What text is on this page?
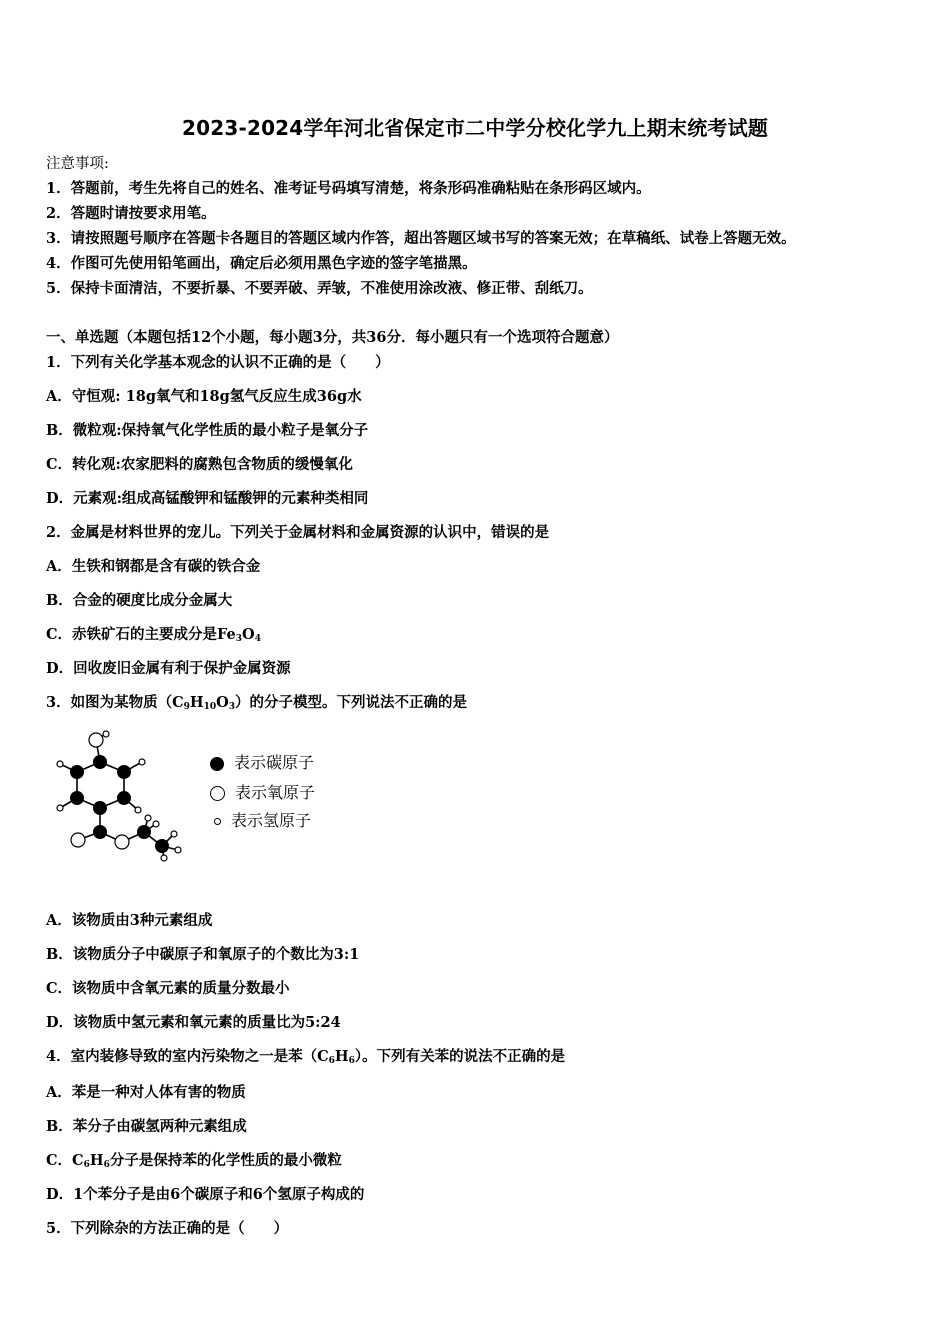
2023-2024学年河北省保定市二中学分校化学九上期末统考试题
注意事项:
1．答题前，考生先将自己的姓名、准考证号码填写清楚，将条形码准确粘贴在条形码区域内。
2．答题时请按要求用笔。
3．请按照题号顺序在答题卡各题目的答题区域内作答，超出答题区域书写的答案无效；在草稿纸、试卷上答题无效。
4．作图可先使用铅笔画出，确定后必须用黑色字迹的签字笔描黑。
5．保持卡面清洁，不要折暴、不要弄破、弄皱，不准使用涂改液、修正带、刮纸刀。
一、单选题（本题包括12个小题，每小题3分，共36分．每小题只有一个选项符合题意）
1．下列有关化学基本观念的认识不正确的是（　　）
A．守恒观: 18g氧气和18g氢气反应生成36g水
B．微粒观:保持氧气化学性质的最小粒子是氧分子
C．转化观:农家肥料的腐熟包含物质的缓慢氧化
D．元素观:组成高锰酸钾和锰酸钾的元素种类相同
2．金属是材料世界的宠儿。下列关于金属材料和金属资源的认识中，错误的是
A．生铁和钢都是含有碳的铁合金
B．合金的硬度比成分金属大
C．赤铁矿石的主要成分是$Fe_3O_4$
D．回收废旧金属有利于保护金属资源
3．如图为某物质$(C_9H_{10}O_3)$的分子模型。下列说法不正确的是
表示碳原子
表示氧原子
表示氢原子
A．该物质由3种元素组成
B．该物质分子中碳原子和氧原子的个数比为3:1
C．该物质中含氧元素的质量分数最小
D．该物质中氢元素和氧元素的质量比为5:24
4．室内装修导致的室内污染物之一是苯$(C_6H_6)$。下列有关苯的说法不正确的是
A．苯是一种对人体有害的物质
B．苯分子由碳氢两种元素组成
C．$C_6H_6$分子是保持苯的化学性质的最小微粒
D．1个苯分子是由6个碳原子和6个氢原子构成的
5．下列除杂的方法正确的是（　　）
